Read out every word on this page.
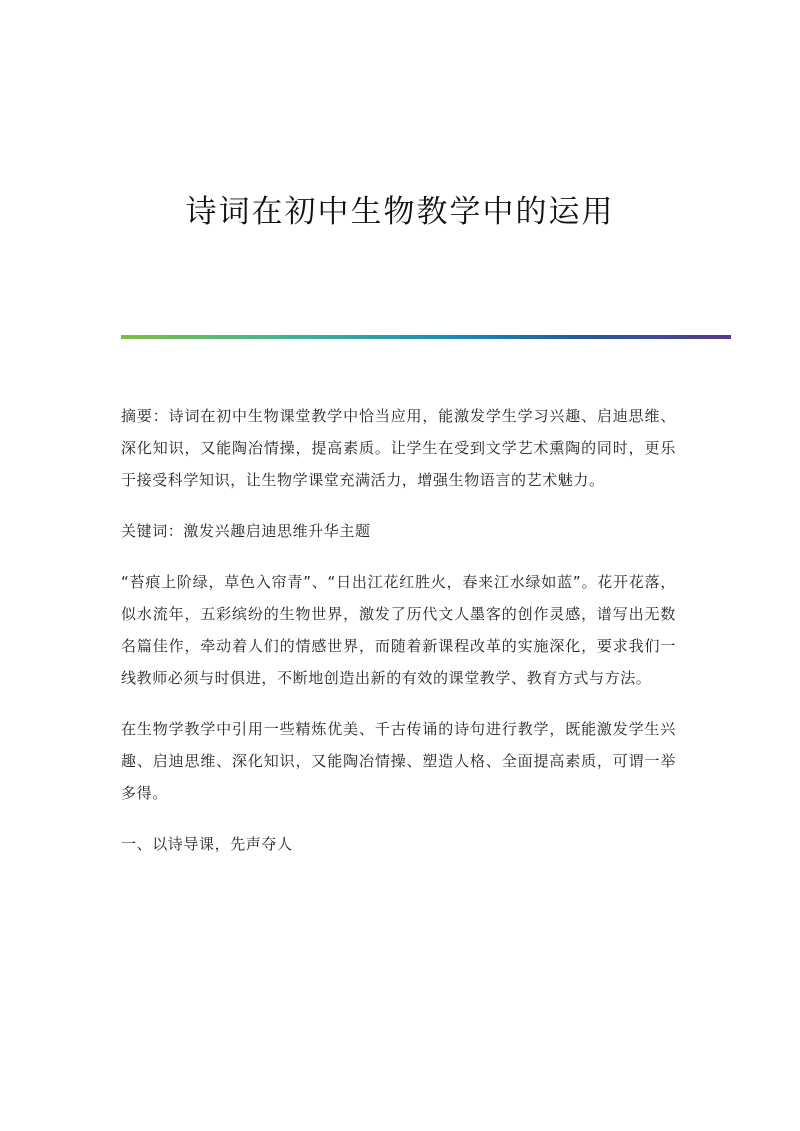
诗词在初中生物教学中的运用

摘要：诗词在初中生物课堂教学中恰当应用，能激发学生学习兴趣、启迪思维、深化知识，又能陶冶情操，提高素质。让学生在受到文学艺术熏陶的同时，更乐于接受科学知识，让生物学课堂充满活力，增强生物语言的艺术魅力。

关键词：激发兴趣启迪思维升华主题

“苔痕上阶绿，草色入帘青”、“日出江花红胜火，春来江水绿如蓝”。花开花落，似水流年，五彩缤纷的生物世界，激发了历代文人墨客的创作灵感，谱写出无数名篇佳作，牵动着人们的情感世界，而随着新课程改革的实施深化，要求我们一线教师必须与时俱进，不断地创造出新的有效的课堂教学、教育方式与方法。

在生物学教学中引用一些精炼优美、千古传诵的诗句进行教学，既能激发学生兴趣、启迪思维、深化知识，又能陶冶情操、塑造人格、全面提高素质，可谓一举多得。

一、以诗导课，先声夺人
